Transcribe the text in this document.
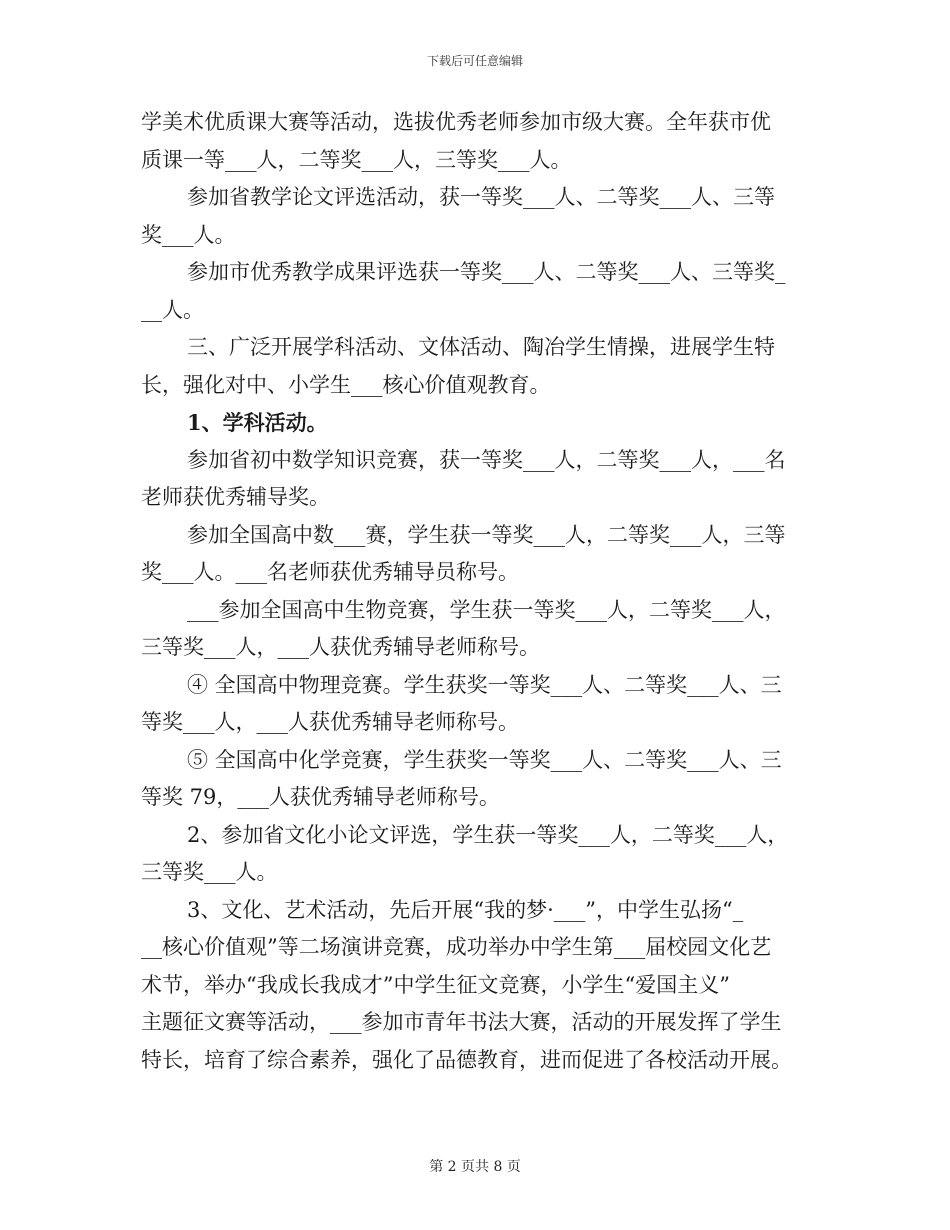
下载后可任意编辑
学美术优质课大赛等活动，选拔优秀老师参加市级大赛。全年获市优
质课一等___人，二等奖___人，三等奖___人。
参加省教学论文评选活动，获一等奖___人、二等奖___人、三等
奖___人。
参加市优秀教学成果评选获一等奖___人、二等奖___人、三等奖_
__人。
三、广泛开展学科活动、文体活动、陶冶学生情操，进展学生特
长，强化对中、小学生___核心价值观教育。
1、学科活动。
参加省初中数学知识竞赛，获一等奖___人，二等奖___人，___名
老师获优秀辅导奖。
参加全国高中数___赛，学生获一等奖___人，二等奖___人，三等
奖___人。___名老师获优秀辅导员称号。
___参加全国高中生物竞赛，学生获一等奖___人，二等奖___人，
三等奖___人，___人获优秀辅导老师称号。
④ 全国高中物理竞赛。学生获奖一等奖___人、二等奖___人、三
等奖___人，___人获优秀辅导老师称号。
⑤ 全国高中化学竞赛，学生获奖一等奖___人、二等奖___人、三
等奖 79，___人获优秀辅导老师称号。
2、参加省文化小论文评选，学生获一等奖___人，二等奖___人，
三等奖___人。
3、文化、艺术活动，先后开展“我的梦·___”，中学生弘扬“_
__核心价值观”等二场演讲竞赛，成功举办中学生第___届校园文化艺
术节，举办“我成长我成才”中学生征文竞赛，小学生“爱国主义”
主题征文赛等活动，___参加市青年书法大赛，活动的开展发挥了学生
特长，培育了综合素养，强化了品德教育，进而促进了各校活动开展。
第 2 页共 8 页
